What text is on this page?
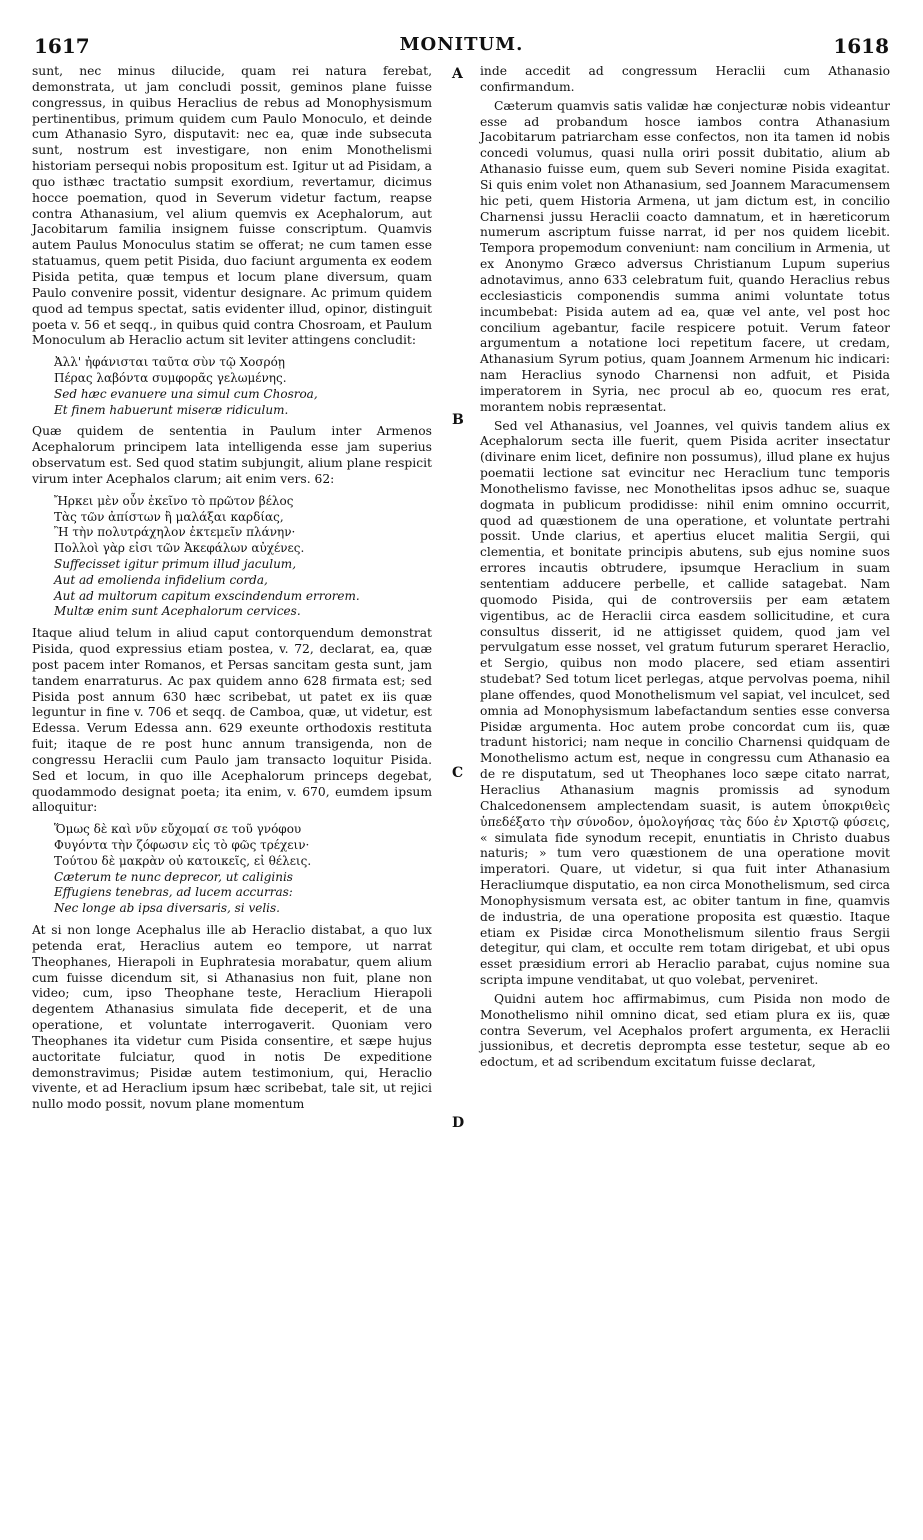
1617	MONITUM.	1618
A
B
C
D

sunt, nec minus dilucide, quam rei natura ferebat, demonstrata, ut jam concludi possit, geminos plane fuisse congressus, in quibus Heraclius de rebus ad Monophysismum pertinentibus, primum quidem cum Paulo Monoculo, et deinde cum Athanasio Syro, disputavit: nec ea, quæ inde subsecuta sunt, nostrum est investigare, non enim Monothelismi historiam persequi nobis propositum est. Igitur ut ad Pisidam, a quo isthæc tractatio sumpsit exordium, revertamur, dicimus hocce poemation, quod in Severum videtur factum, reapse contra Athanasium, vel alium quemvis ex Acephalorum, aut Jacobitarum familia insignem fuisse conscriptum. Quamvis autem Paulus Monoculus statim se offerat; ne cum tamen esse statuamus, quem petit Pisida, duo faciunt argumenta ex eodem Pisida petita, quæ tempus et locum plane diversum, quam Paulo convenire possit, videntur designare. Ac primum quidem quod ad tempus spectat, satis evidenter illud, opinor, distinguit poeta v. 56 et seqq., in quibus quid contra Chosroam, et Paulum Monoculum ab Heraclio actum sit leviter attingens concludit:

Ἀλλ' ἠφάνισται ταῦτα σὺν τῷ Χοσρόῃ
Πέρας λαβόντα συμφορᾶς γελωμένης.
Sed hæc evanuere una simul cum Chosroa,
Et finem habuerunt miseræ ridiculum.

Quæ quidem de sententia in Paulum inter Armenos Acephalorum principem lata intelligenda esse jam superius observatum est. Sed quod statim subjungit, alium plane respicit virum inter Acephalos clarum; ait enim vers. 62:

Ἤρκει μὲν οὖν ἐκεῖνο τὸ πρῶτον βέλος
Τὰς τῶν ἀπίστων ἢ μαλάξαι καρδίας,
Ἢ τὴν πολυτράχηλον ἐκτεμεῖν πλάνην·
Πολλοὶ γὰρ εἰσι τῶν Ἀκεφάλων αὐχένες.
Suffecisset igitur primum illud jaculum,
Aut ad emolienda infidelium corda,
Aut ad multorum capitum exscindendum errorem.
Multæ enim sunt Acephalorum cervices.

Itaque aliud telum in aliud caput contorquendum demonstrat Pisida, quod expressius etiam postea, v. 72, declarat, ea, quæ post pacem inter Romanos, et Persas sancitam gesta sunt, jam tandem enarraturus. Ac pax quidem anno 628 firmata est; sed Pisida post annum 630 hæc scribebat, ut patet ex iis quæ leguntur in fine v. 706 et seqq. de Camboa, quæ, ut videtur, est Edessa. Verum Edessa ann. 629 exeunte orthodoxis restituta fuit; itaque de re post hunc annum transigenda, non de congressu Heraclii cum Paulo jam transacto loquitur Pisida. Sed et locum, in quo ille Acephalorum princeps degebat, quodammodo designat poeta; ita enim, v. 670, eumdem ipsum alloquitur:

Ὅμως δὲ καὶ νῦν εὔχομαί σε τοῦ γνόφου
Φυγόντα τὴν ζόφωσιν εἰς τὸ φῶς τρέχειν·
Τούτου δὲ μακρὰν οὐ κατοικεῖς, εἰ θέλεις.
Cæterum te nunc deprecor, ut caliginis
Effugiens tenebras, ad lucem accurras:
Nec longe ab ipsa diversaris, si velis.

At si non longe Acephalus ille ab Heraclio distabat, a quo lux petenda erat, Heraclius autem eo tempore, ut narrat Theophanes, Hierapoli in Euphratesia morabatur, quem alium cum fuisse dicendum sit, si Athanasius non fuit, plane non video; cum, ipso Theophane teste, Heraclium Hierapoli degentem Athanasius simulata fide deceperit, et de una operatione, et voluntate interrogaverit. Quoniam vero Theophanes ita videtur cum Pisida consentire, et sæpe hujus auctoritate fulciatur, quod in notis De expeditione demonstravimus; Pisidæ autem testimonium, qui, Heraclio vivente, et ad Heraclium ipsum hæc scribebat, tale sit, ut rejici nullo modo possit, novum plane momentum

inde accedit ad congressum Heraclii cum Athanasio confirmandum.

Cæterum quamvis satis validæ hæ conjecturæ nobis videantur esse ad probandum hosce iambos contra Athanasium Jacobitarum patriarcham esse confectos, non ita tamen id nobis concedi volumus, quasi nulla oriri possit dubitatio, alium ab Athanasio fuisse eum, quem sub Severi nomine Pisida exagitat. Si quis enim volet non Athanasium, sed Joannem Maracumensem hic peti, quem Historia Armena, ut jam dictum est, in concilio Charnensi jussu Heraclii coacto damnatum, et in hæreticorum numerum ascriptum fuisse narrat, id per nos quidem licebit. Tempora propemodum conveniunt: nam concilium in Armenia, ut ex Anonymo Græco adversus Christianum Lupum superius adnotavimus, anno 633 celebratum fuit, quando Heraclius rebus ecclesiasticis componendis summa animi voluntate totus incumbebat: Pisida autem ad ea, quæ vel ante, vel post hoc concilium agebantur, facile respicere potuit. Verum fateor argumentum a notatione loci repetitum facere, ut credam, Athanasium Syrum potius, quam Joannem Armenum hic indicari: nam Heraclius synodo Charnensi non adfuit, et Pisida imperatorem in Syria, nec procul ab eo, quocum res erat, morantem nobis repræsentat.

Sed vel Athanasius, vel Joannes, vel quivis tandem alius ex Acephalorum secta ille fuerit, quem Pisida acriter insectatur (divinare enim licet, definire non possumus), illud plane ex hujus poematii lectione sat evincitur nec Heraclium tunc temporis Monothelismo favisse, nec Monothelitas ipsos adhuc se, suaque dogmata in publicum prodidisse: nihil enim omnino occurrit, quod ad quæstionem de una operatione, et voluntate pertrahi possit. Unde clarius, et apertius elucet malitia Sergii, qui clementia, et bonitate principis abutens, sub ejus nomine suos errores incautis obtrudere, ipsumque Heraclium in suam sententiam adducere perbelle, et callide satagebat. Nam quomodo Pisida, qui de controversiis per eam ætatem vigentibus, ac de Heraclii circa easdem sollicitudine, et cura consultus disserit, id ne attigisset quidem, quod jam vel pervulgatum esse nosset, vel gratum futurum speraret Heraclio, et Sergio, quibus non modo placere, sed etiam assentiri studebat? Sed totum licet perlegas, atque pervolvas poema, nihil plane offendes, quod Monothelismum vel sapiat, vel inculcet, sed omnia ad Monophysismum labefactandum senties esse conversa Pisidæ argumenta. Hoc autem probe concordat cum iis, quæ tradunt historici; nam neque in concilio Charnensi quidquam de Monothelismo actum est, neque in congressu cum Athanasio ea de re disputatum, sed ut Theophanes loco sæpe citato narrat, Heraclius Athanasium magnis promissis ad synodum Chalcedonensem amplectendam suasit, is autem ὑποκριθεὶς ὑπεδέξατο τὴν σύνοδον, ὁμολογήσας τὰς δύο ἐν Χριστῷ φύσεις, « simulata fide synodum recepit, enuntiatis in Christo duabus naturis; » tum vero quæstionem de una operatione movit imperatori. Quare, ut videtur, si qua fuit inter Athanasium Heracliumque disputatio, ea non circa Monothelismum, sed circa Monophysismum versata est, ac obiter tantum in fine, quamvis de industria, de una operatione proposita est quæstio. Itaque etiam ex Pisidæ circa Monothelismum silentio fraus Sergii detegitur, qui clam, et occulte rem totam dirigebat, et ubi opus esset præsidium errori ab Heraclio parabat, cujus nomine sua scripta impune venditabat, ut quo volebat, perveniret.

Quidni autem hoc affirmabimus, cum Pisida non modo de Monothelismo nihil omnino dicat, sed etiam plura ex iis, quæ contra Severum, vel Acephalos profert argumenta, ex Heraclii jussionibus, et decretis deprompta esse testetur, seque ab eo edoctum, et ad scribendum excitatum fuisse declarat,
